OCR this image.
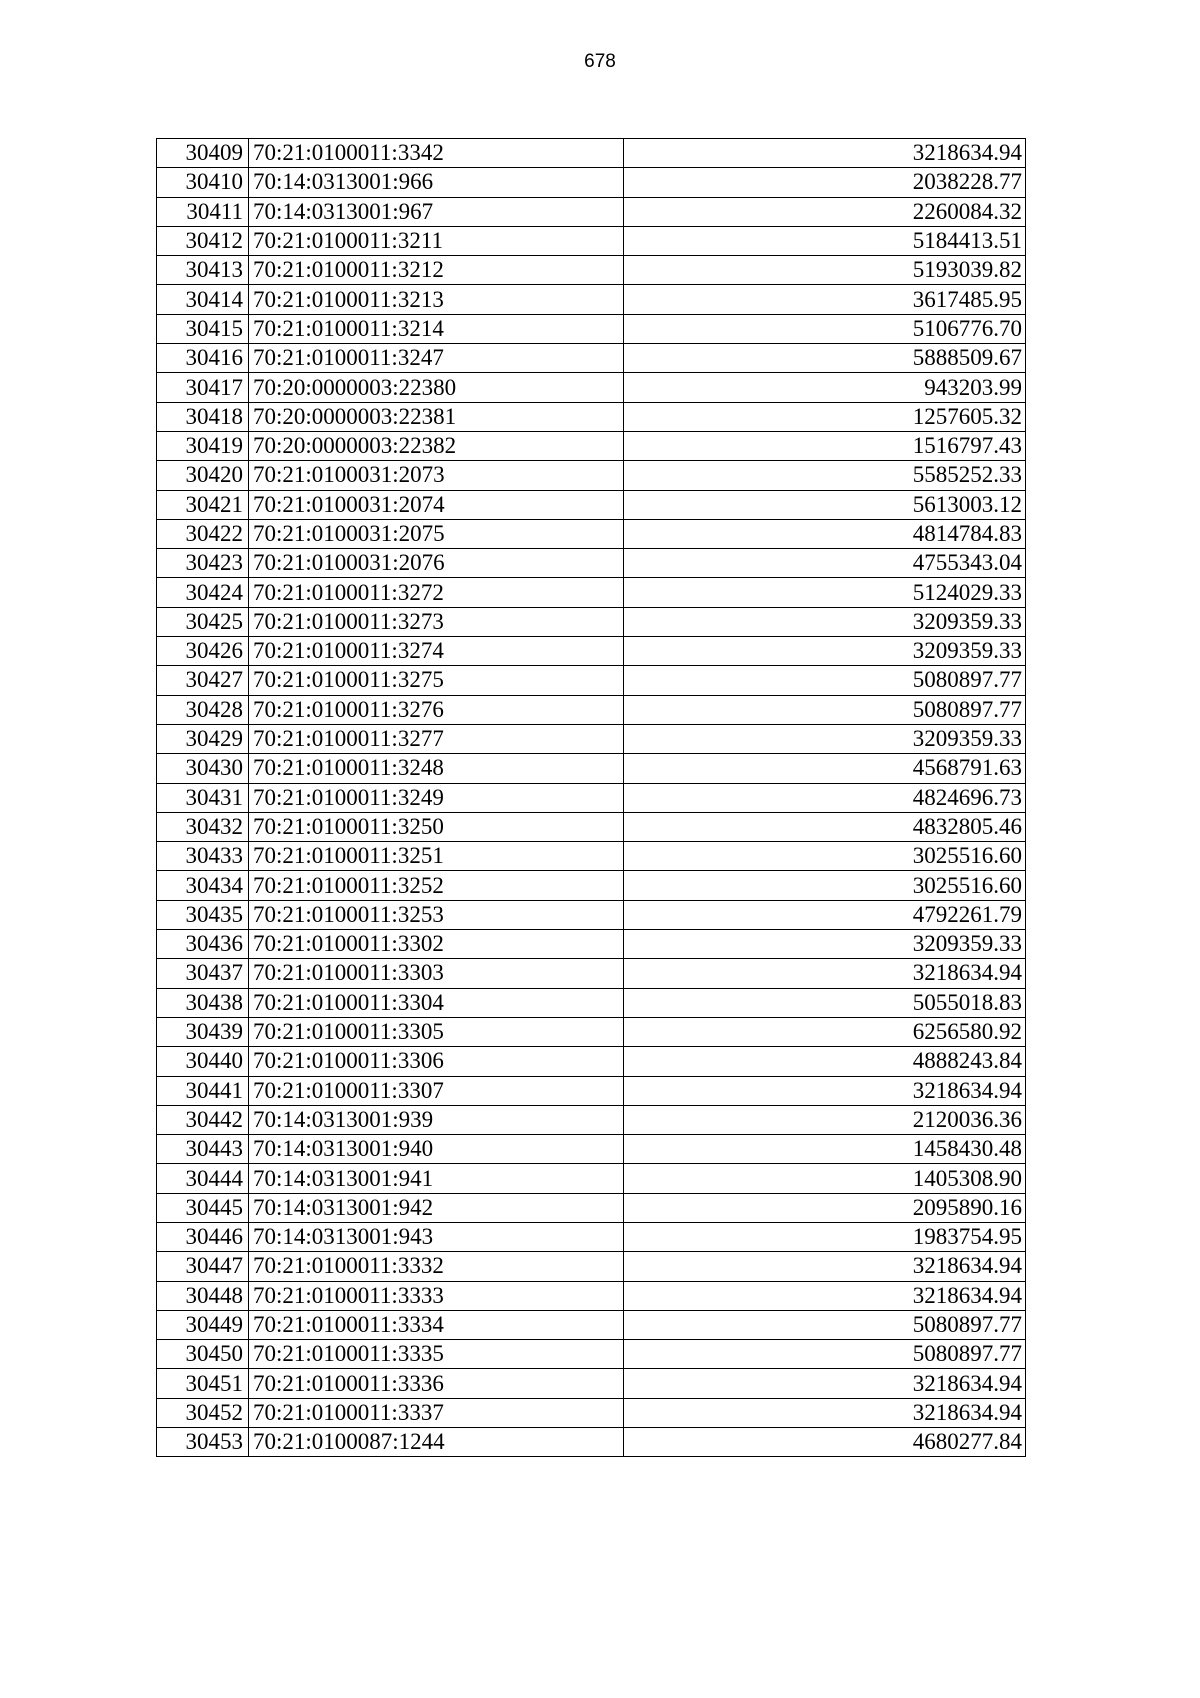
678
30409	70:21:0100011:3342	3218634.94
30410	70:14:0313001:966	2038228.77
30411	70:14:0313001:967	2260084.32
30412	70:21:0100011:3211	5184413.51
30413	70:21:0100011:3212	5193039.82
30414	70:21:0100011:3213	3617485.95
30415	70:21:0100011:3214	5106776.70
30416	70:21:0100011:3247	5888509.67
30417	70:20:0000003:22380	943203.99
30418	70:20:0000003:22381	1257605.32
30419	70:20:0000003:22382	1516797.43
30420	70:21:0100031:2073	5585252.33
30421	70:21:0100031:2074	5613003.12
30422	70:21:0100031:2075	4814784.83
30423	70:21:0100031:2076	4755343.04
30424	70:21:0100011:3272	5124029.33
30425	70:21:0100011:3273	3209359.33
30426	70:21:0100011:3274	3209359.33
30427	70:21:0100011:3275	5080897.77
30428	70:21:0100011:3276	5080897.77
30429	70:21:0100011:3277	3209359.33
30430	70:21:0100011:3248	4568791.63
30431	70:21:0100011:3249	4824696.73
30432	70:21:0100011:3250	4832805.46
30433	70:21:0100011:3251	3025516.60
30434	70:21:0100011:3252	3025516.60
30435	70:21:0100011:3253	4792261.79
30436	70:21:0100011:3302	3209359.33
30437	70:21:0100011:3303	3218634.94
30438	70:21:0100011:3304	5055018.83
30439	70:21:0100011:3305	6256580.92
30440	70:21:0100011:3306	4888243.84
30441	70:21:0100011:3307	3218634.94
30442	70:14:0313001:939	2120036.36
30443	70:14:0313001:940	1458430.48
30444	70:14:0313001:941	1405308.90
30445	70:14:0313001:942	2095890.16
30446	70:14:0313001:943	1983754.95
30447	70:21:0100011:3332	3218634.94
30448	70:21:0100011:3333	3218634.94
30449	70:21:0100011:3334	5080897.77
30450	70:21:0100011:3335	5080897.77
30451	70:21:0100011:3336	3218634.94
30452	70:21:0100011:3337	3218634.94
30453	70:21:0100087:1244	4680277.84
